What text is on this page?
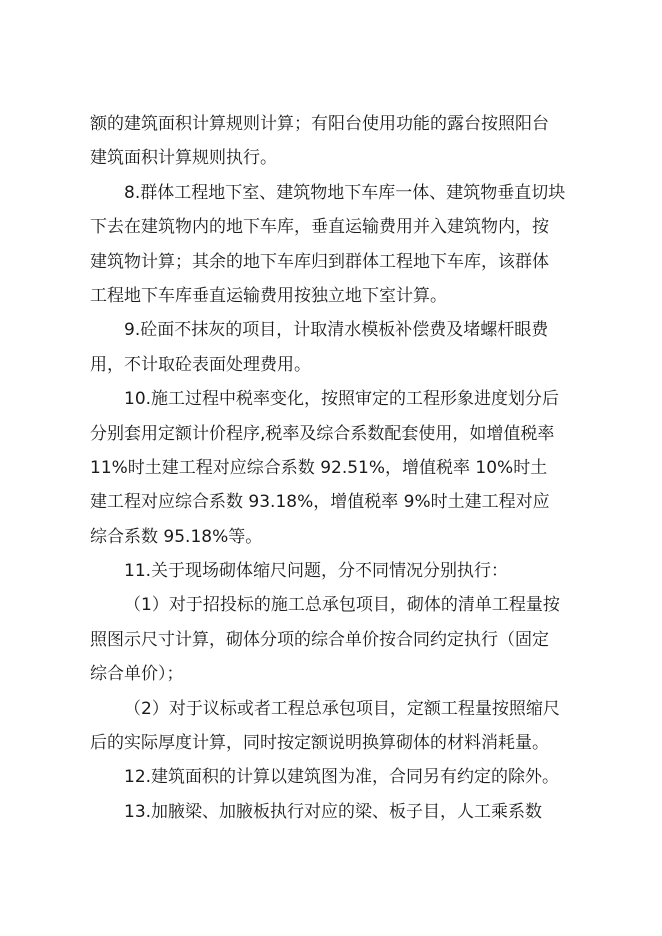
额的建筑面积计算规则计算；有阳台使用功能的露台按照阳台
建筑面积计算规则执行。
8.群体工程地下室、建筑物地下车库一体、建筑物垂直切块
下去在建筑物内的地下车库，垂直运输费用并入建筑物内，按
建筑物计算；其余的地下车库归到群体工程地下车库，该群体
工程地下车库垂直运输费用按独立地下室计算。
9.砼面不抹灰的项目，计取清水模板补偿费及堵螺杆眼费
用，不计取砼表面处理费用。
10.施工过程中税率变化，按照审定的工程形象进度划分后
分别套用定额计价程序,税率及综合系数配套使用，如增值税率
11%时土建工程对应综合系数 92.51%，增值税率 10%时土
建工程对应综合系数 93.18%，增值税率 9%时土建工程对应
综合系数 95.18%等。
11.关于现场砌体缩尺问题，分不同情况分别执行：
（1）对于招投标的施工总承包项目，砌体的清单工程量按
照图示尺寸计算，砌体分项的综合单价按合同约定执行（固定
综合单价）；
（2）对于议标或者工程总承包项目，定额工程量按照缩尺
后的实际厚度计算，同时按定额说明换算砌体的材料消耗量。
12.建筑面积的计算以建筑图为准，合同另有约定的除外。
13.加腋梁、加腋板执行对应的梁、板子目，人工乘系数
